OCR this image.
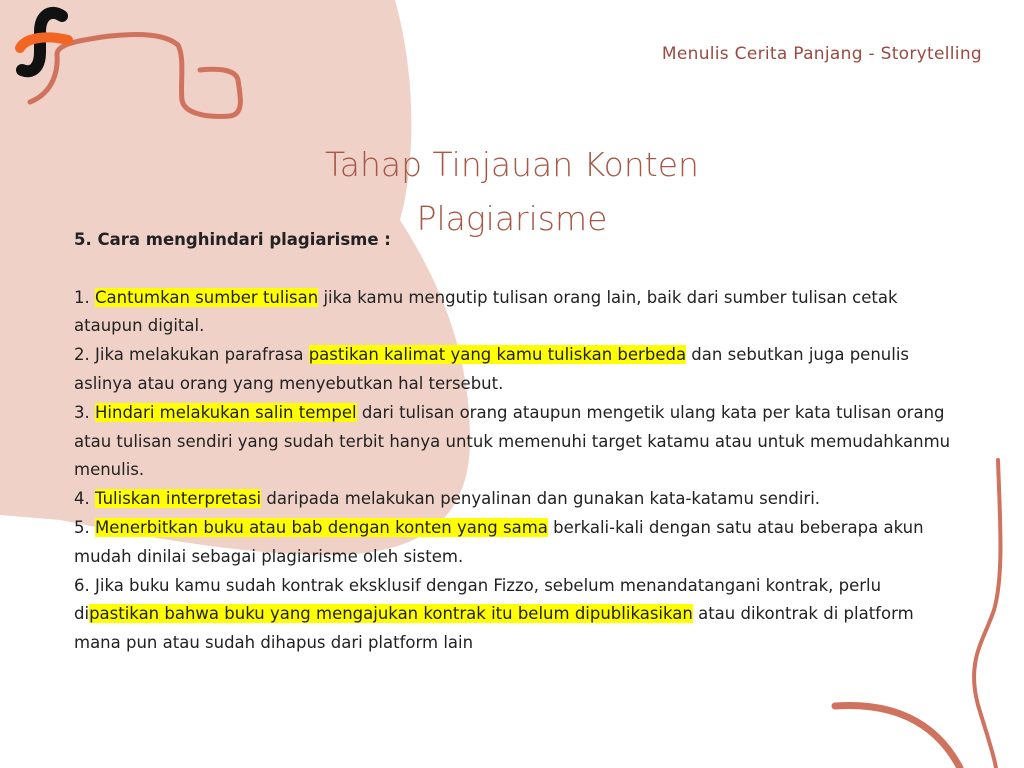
Menulis Cerita Panjang - Storytelling
Tahap Tinjauan Konten
Plagiarisme
5. Cara menghindari plagiarisme :

1. Cantumkan sumber tulisan jika kamu mengutip tulisan orang lain, baik dari sumber tulisan cetak ataupun digital.

2. Jika melakukan parafrasa pastikan kalimat yang kamu tuliskan berbeda dan sebutkan juga penulis aslinya atau orang yang menyebutkan hal tersebut.

3. Hindari melakukan salin tempel dari tulisan orang ataupun mengetik ulang kata per kata tulisan orang atau tulisan sendiri yang sudah terbit hanya untuk memenuhi target katamu atau untuk memudahkanmu menulis.

4. Tuliskan interpretasi daripada melakukan penyalinan dan gunakan kata-katamu sendiri.

5. Menerbitkan buku atau bab dengan konten yang sama berkali-kali dengan satu atau beberapa akun mudah dinilai sebagai plagiarisme oleh sistem.

6. Jika buku kamu sudah kontrak eksklusif dengan Fizzo, sebelum menandatangani kontrak, perlu dipastikan bahwa buku yang mengajukan kontrak itu belum dipublikasikan atau dikontrak di platform mana pun atau sudah dihapus dari platform lain
